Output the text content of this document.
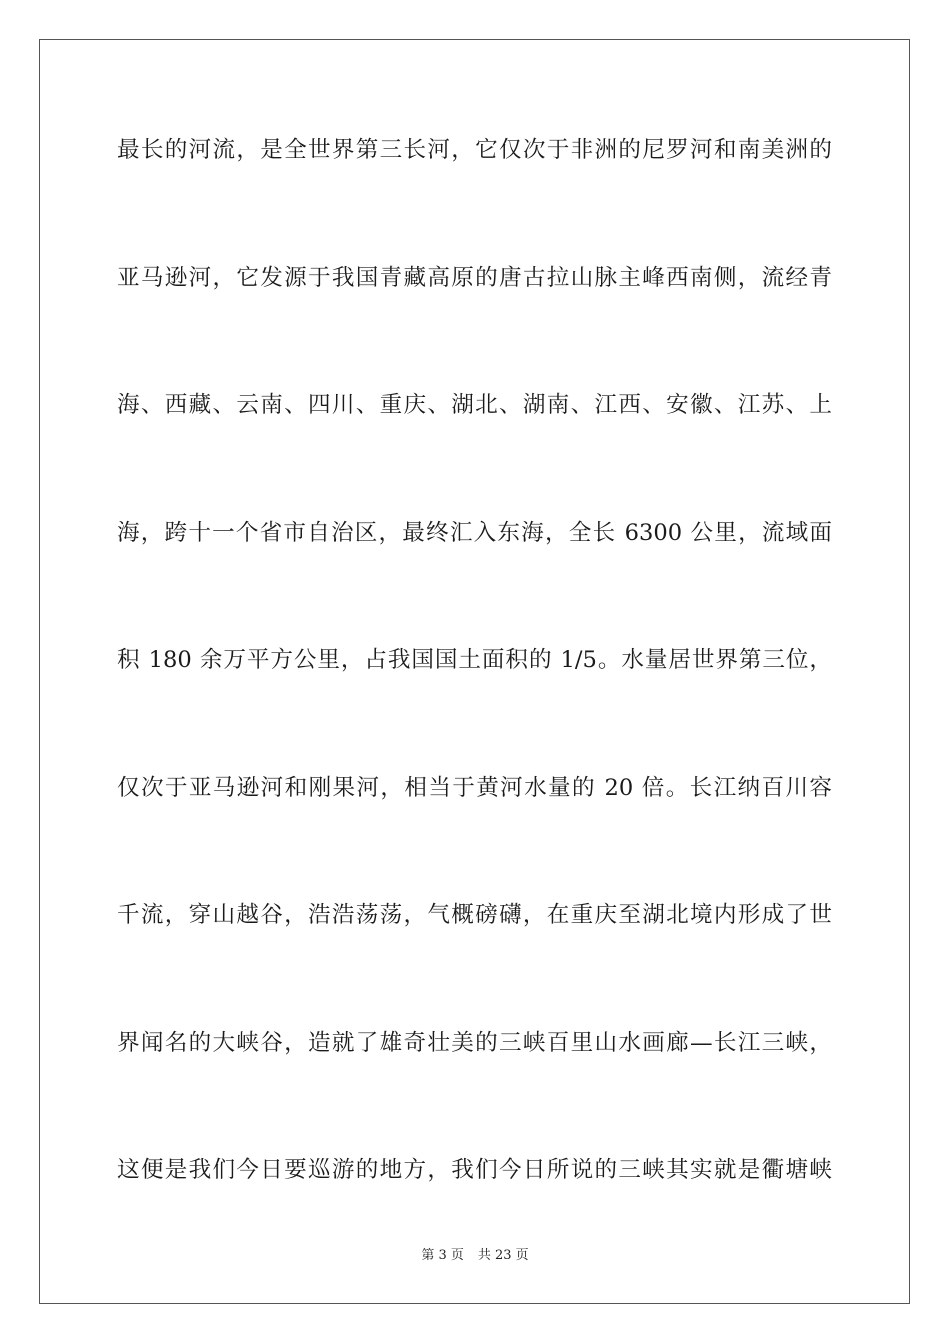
最长的河流，是全世界第三长河，它仅次于非洲的尼罗河和南美洲的
亚马逊河，它发源于我国青藏高原的唐古拉山脉主峰西南侧，流经青
海、西藏、云南、四川、重庆、湖北、湖南、江西、安徽、江苏、上
海，跨十一个省市自治区，最终汇入东海，全长 6300 公里，流域面
积 180 余万平方公里，占我国国土面积的 1/5。水量居世界第三位，
仅次于亚马逊河和刚果河，相当于黄河水量的 20 倍。长江纳百川容
千流，穿山越谷，浩浩荡荡，气概磅礴，在重庆至湖北境内形成了世
界闻名的大峡谷，造就了雄奇壮美的三峡百里山水画廊—长江三峡，
这便是我们今日要巡游的地方，我们今日所说的三峡其实就是衢塘峡
第 3 页 共 23 页
